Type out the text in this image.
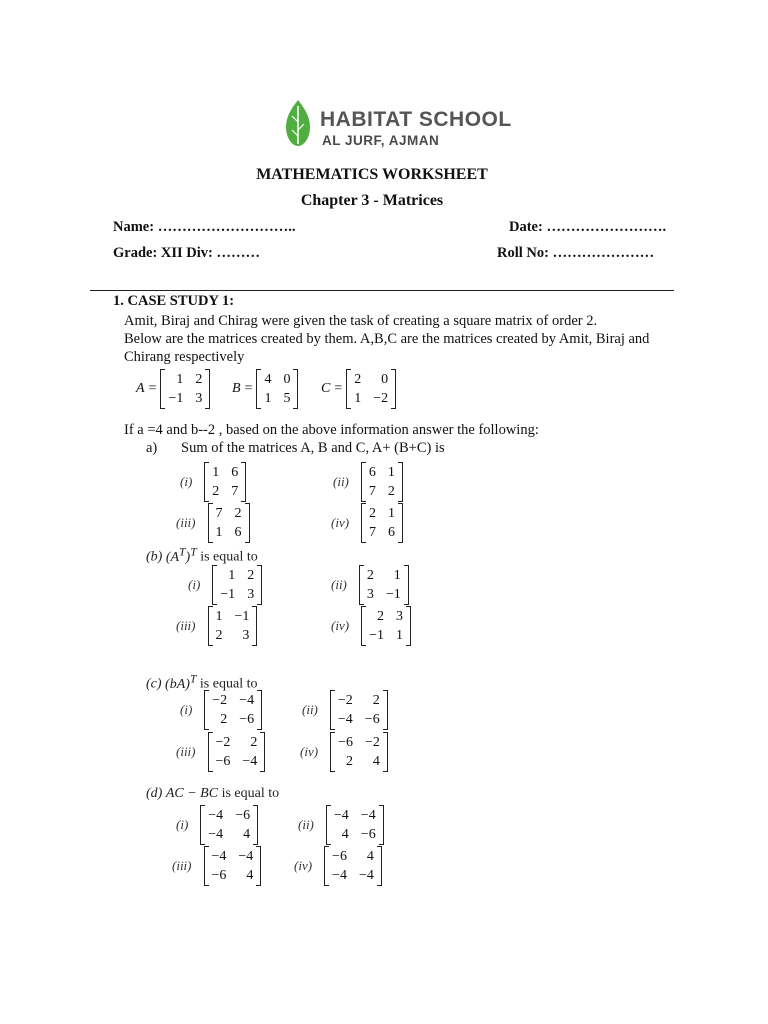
HABITAT SCHOOL
AL JURF, AJMAN
MATHEMATICS WORKSHEET
Chapter 3 - Matrices
Name: ………………………..	Date: …………………….
Grade: XII Div: ………	Roll No: …………………
1. CASE STUDY 1:
Amit, Biraj and Chirag were given the task of creating a square matrix of order 2.
Below are the matrices created by them. A,B,C are the matrices created by Amit, Biraj and
Chirang respectively
A =
1 2
−1 3
B =
4 0
1 5
C =
2	0
1 −2
If a =4 and b--2 , based on the above information answer the following:
a) Sum of the matrices A, B and C, A+ (B+C) is
(b) $(A^T)^T$ is equal to
(c) (bA)$^T$ is equal to
(d) AC − BC is equal to
(i)
1 6
2 7
(ii)
6 1
7 2
(iii)
7 2
1 6
(iv)
2 1
7 6
(i)
1 2
−1 3
(ii)
2	1
3 −1
(iii)
1 −1
2	3
(iv)
2 3
−1 1
(i)
−2 −4
2 −6
(ii)
−2	2
−4 −6
(iii)
−2	2
−6 −4
(iv)
−6 −2
2	4
(i)
−4 −6
−4	4
(ii)
−4 −4
4 −6
(iii)
−4 −4
−6	4
(iv)
−6	4
−4 −4
